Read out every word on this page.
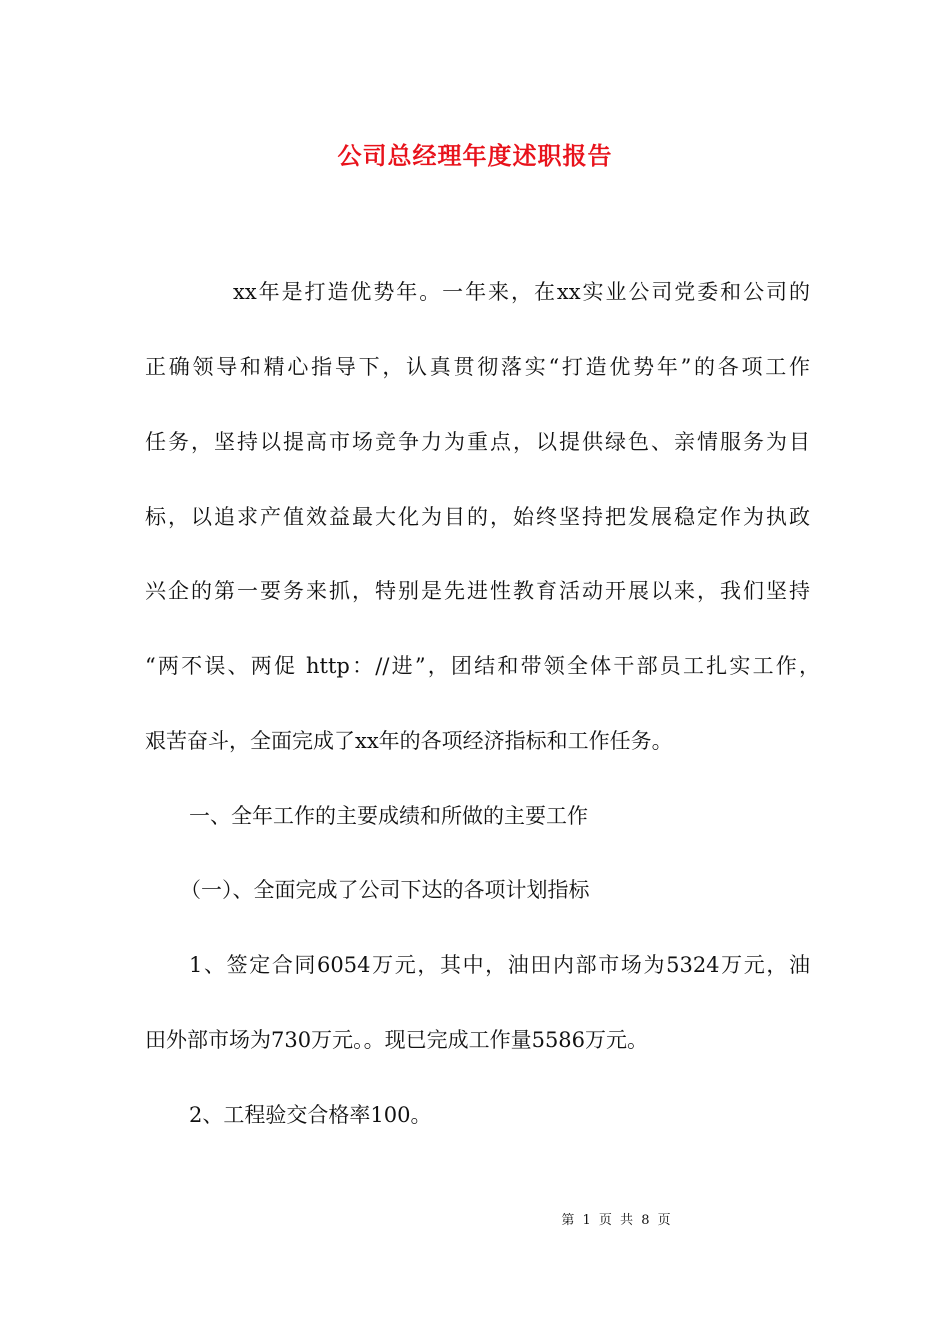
公司总经理年度述职报告
xx年是打造优势年。一年来，在xx实业公司党委和公司的
正确领导和精心指导下，认真贯彻落实“打造优势年”的各项工作
任务，坚持以提高市场竞争力为重点，以提供绿色、亲情服务为目
标，以追求产值效益最大化为目的，始终坚持把发展稳定作为执政
兴企的第一要务来抓，特别是先进性教育活动开展以来，我们坚持
“两不误、两促 http：//进”，团结和带领全体干部员工扎实工作，
艰苦奋斗，全面完成了xx年的各项经济指标和工作任务。
一、全年工作的主要成绩和所做的主要工作
（一）、全面完成了公司下达的各项计划指标
1、签定合同6054万元，其中，油田内部市场为5324万元，油
田外部市场为730万元。。现已完成工作量5586万元。
2、工程验交合格率100。
第 1 页 共 8 页
